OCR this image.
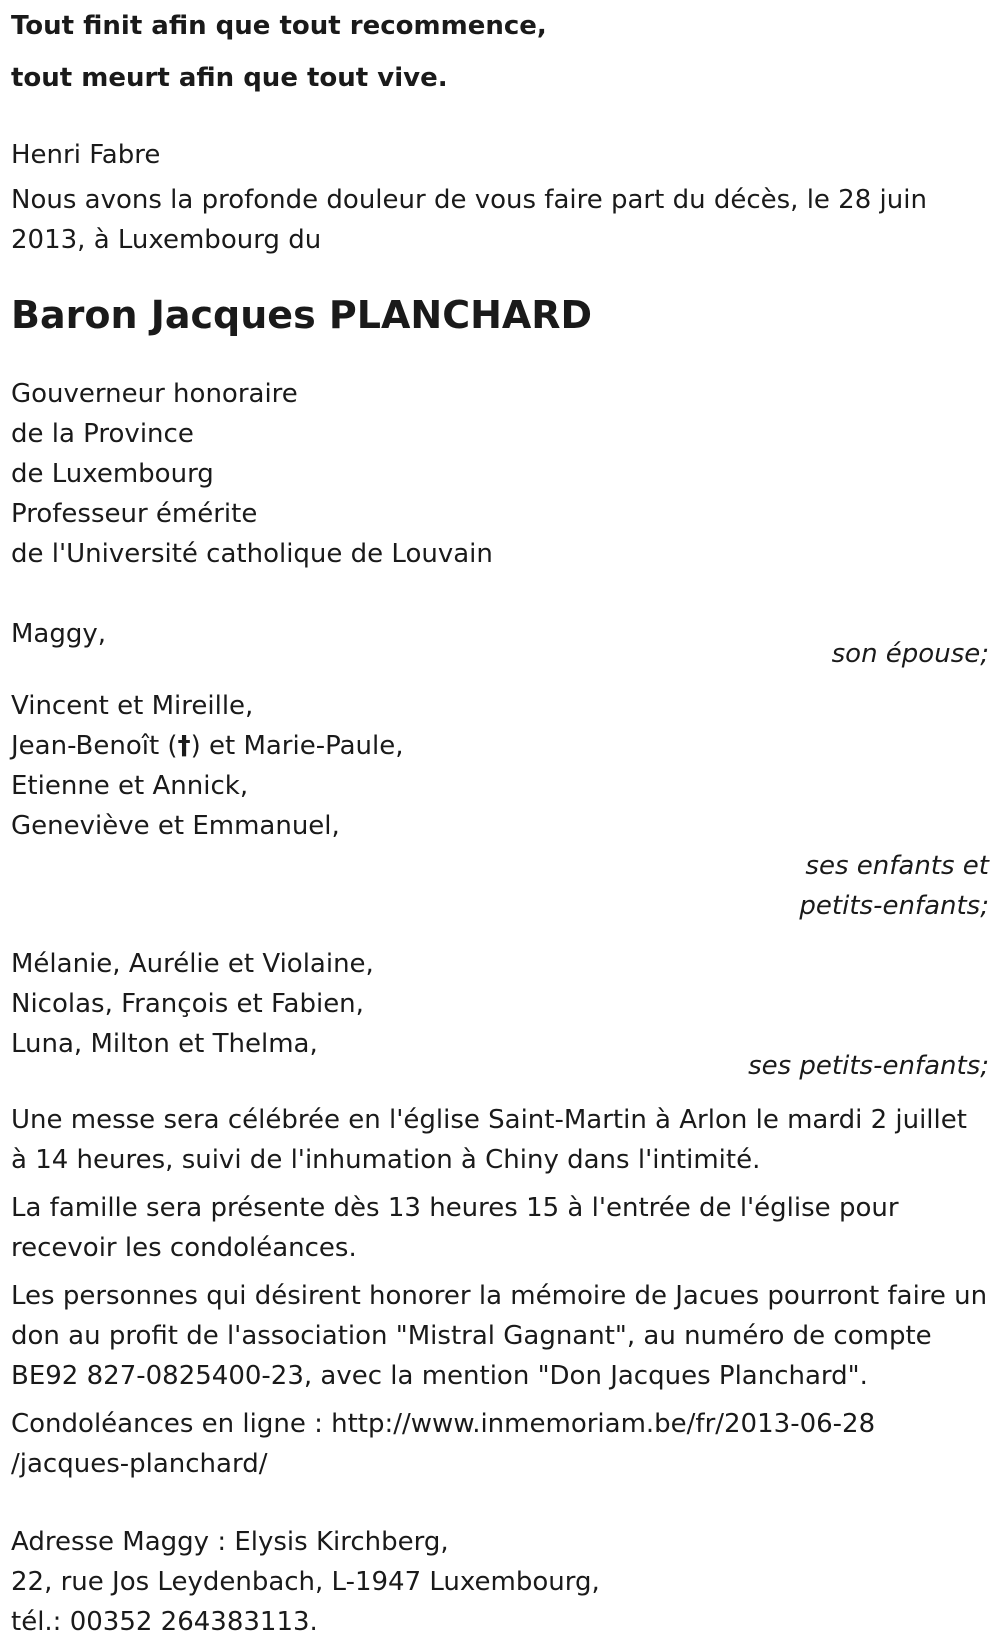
Tout finit afin que tout recommence,
tout meurt afin que tout vive.
Henri Fabre
Nous avons la profonde douleur de vous faire part du décès, le 28 juin 2013, à Luxembourg du
Baron Jacques PLANCHARD
Gouverneur honoraire
de la Province
de Luxembourg
Professeur émérite
de l'Université catholique de Louvain
Maggy,
son épouse;
Vincent et Mireille,
Jean-Benoît (†) et Marie-Paule,
Etienne et Annick,
Geneviève et Emmanuel,
ses enfants et
petits-enfants;
Mélanie, Aurélie et Violaine,
Nicolas, François et Fabien,
Luna, Milton et Thelma,
ses petits-enfants;
Une messe sera célébrée en l'église Saint-Martin à Arlon le mardi 2 juillet à 14 heures, suivi de l'inhumation à Chiny dans l'intimité.
La famille sera présente dès 13 heures 15 à l'entrée de l'église pour recevoir les condoléances.
Les personnes qui désirent honorer la mémoire de Jacues pourront faire un don au profit de l'association "Mistral Gagnant", au numéro de compte BE92 827-0825400-23, avec la mention "Don Jacques Planchard".
Condoléances en ligne : http://www.inmemoriam.be/fr/2013-06-28 /jacques-planchard/
Adresse Maggy : Elysis Kirchberg,
22, rue Jos Leydenbach, L-1947 Luxembourg,
tél.: 00352 264383113.
